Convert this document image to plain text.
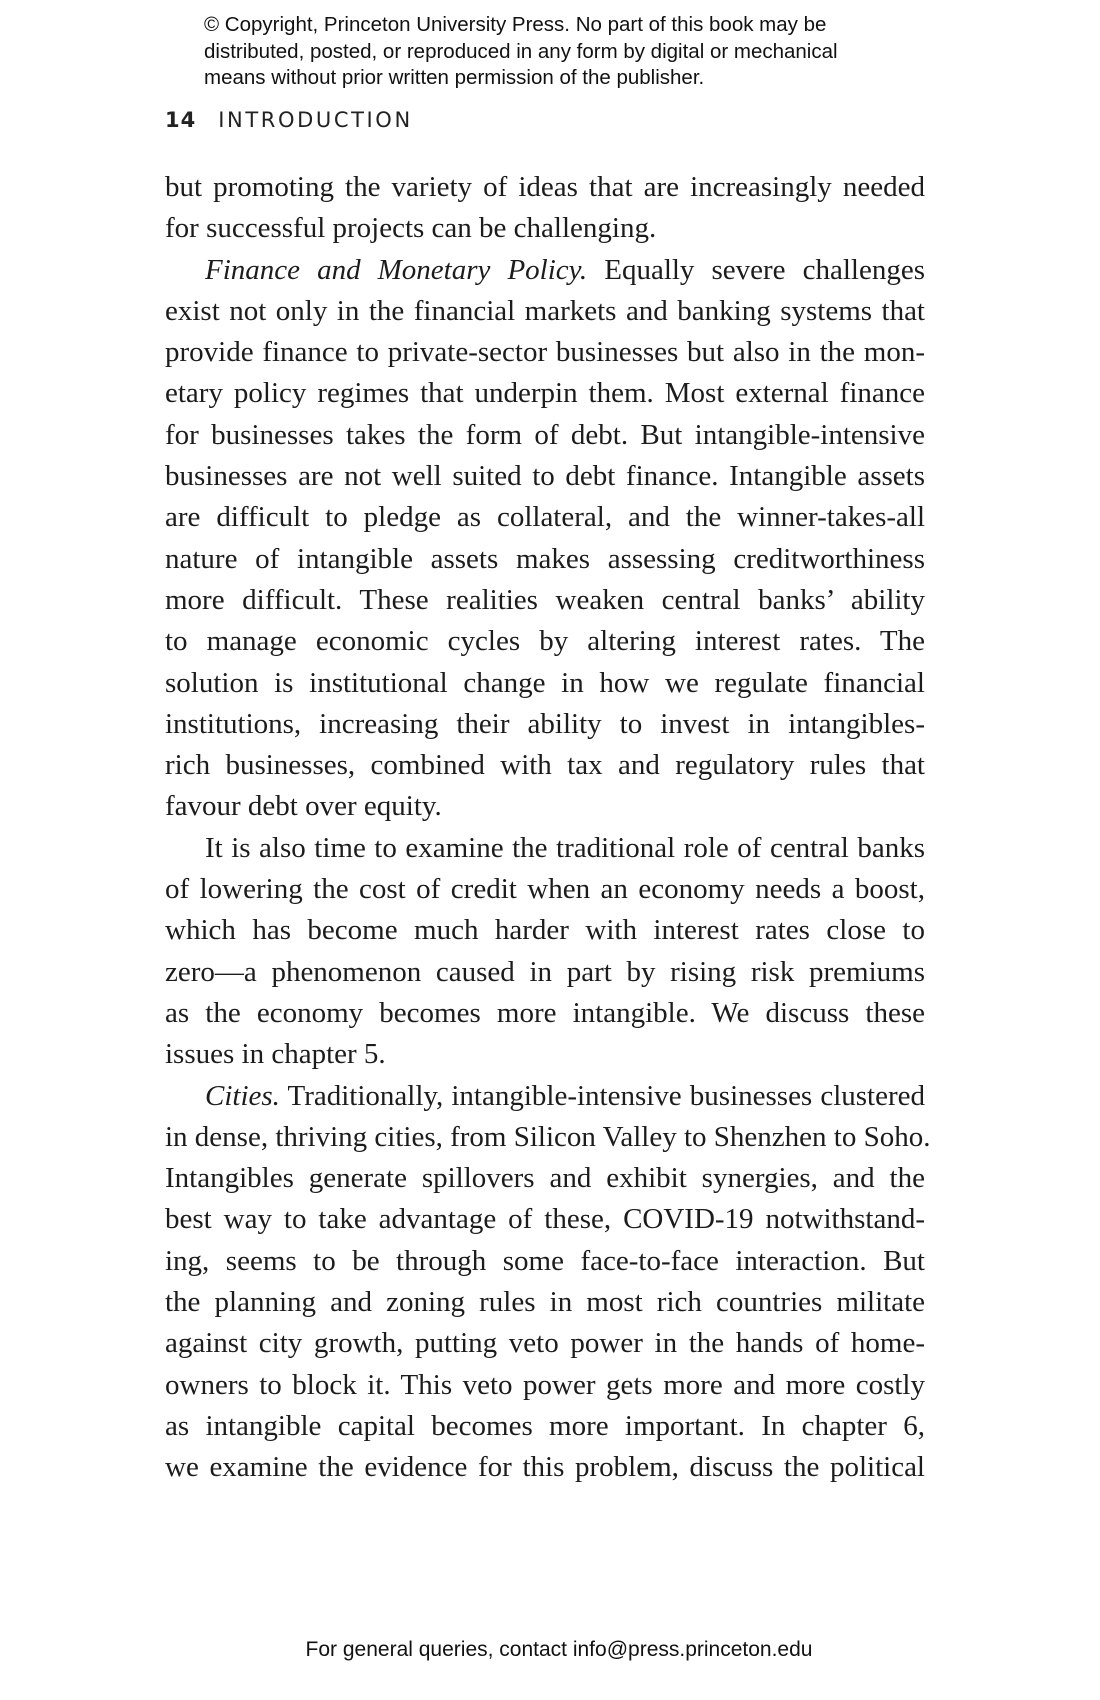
© Copyright, Princeton University Press. No part of this book may be
distributed, posted, or reproduced in any form by digital or mechanical
means without prior written permission of the publisher.
14 INTRODUCTION
but promoting the variety of ideas that are increasingly needed
for successful projects can be challenging.
Finance and Monetary Policy. Equally severe challenges
exist not only in the financial markets and banking systems that
provide finance to private-sector businesses but also in the mon-
etary policy regimes that underpin them. Most external finance
for businesses takes the form of debt. But intangible-intensive
businesses are not well suited to debt finance. Intangible assets
are difficult to pledge as collateral, and the winner-takes-all
nature of intangible assets makes assessing creditworthiness
more difficult. These realities weaken central banks’ ability
to manage economic cycles by altering interest rates. The
solution is institutional change in how we regulate financial
institutions, increasing their ability to invest in intangibles-
rich businesses, combined with tax and regulatory rules that
favour debt over equity.
It is also time to examine the traditional role of central banks
of lowering the cost of credit when an economy needs a boost,
which has become much harder with interest rates close to
zero—a phenomenon caused in part by rising risk premiums
as the economy becomes more intangible. We discuss these
issues in chapter 5.
Cities. Traditionally, intangible-intensive businesses clustered
in dense, thriving cities, from Silicon Valley to Shenzhen to Soho.
Intangibles generate spillovers and exhibit synergies, and the
best way to take advantage of these, COVID-19 notwithstand-
ing, seems to be through some face-to-face interaction. But
the planning and zoning rules in most rich countries militate
against city growth, putting veto power in the hands of home-
owners to block it. This veto power gets more and more costly
as intangible capital becomes more important. In chapter 6,
we examine the evidence for this problem, discuss the political
For general queries, contact info@press.princeton.edu
